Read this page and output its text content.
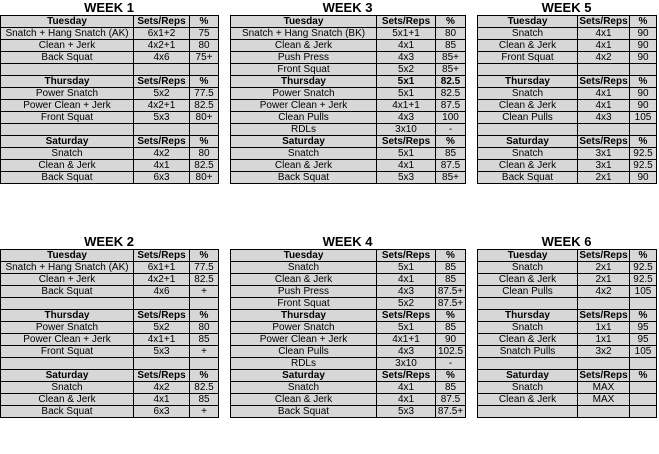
WEEK 1
Tuesday	Sets/Reps	%
Snatch + Hang Snatch (AK)	6x1+2	75
Clean + Jerk	4x2+1	80
Back Squat	4x6	75+

Thursday	Sets/Reps	%
Power Snatch	5x2	77.5
Power Clean + Jerk	4x2+1	82.5
Front Squat	5x3	80+

Saturday	Sets/Reps	%
Snatch	4x2	80
Clean & Jerk	4x1	82.5
Back Squat	6x3	80+
WEEK 3
Tuesday	Sets/Reps	%
Snatch + Hang Snatch (BK)	5x1+1	80
Clean & Jerk	4x1	85
Push Press	4x3	85+
Front Squat	5x2	85+
Thursday	5x1	82.5
Power Snatch	5x1	82.5
Power Clean + Jerk	4x1+1	87.5
Clean Pulls	4x3	100
RDLs	3x10	-
Saturday	Sets/Reps	%
Snatch	5x1	85
Clean & Jerk	4x1	87.5
Back Squat	5x3	85+
WEEK 5
Tuesday	Sets/Reps	%
Snatch	4x1	90
Clean & Jerk	4x1	90
Front Squat	4x2	90

Thursday	Sets/Reps	%
Snatch	4x1	90
Clean & Jerk	4x1	90
Clean Pulls	4x3	105

Saturday	Sets/Reps	%
Snatch	3x1	92.5
Clean & Jerk	3x1	92.5
Back Squat	2x1	90
WEEK 2
Tuesday	Sets/Reps	%
Snatch + Hang Snatch (AK)	6x1+1	77.5
Clean + Jerk	4x2+1	82.5
Back Squat	4x6	+

Thursday	Sets/Reps	%
Power Snatch	5x2	80
Power Clean + Jerk	4x1+1	85
Front Squat	5x3	+

Saturday	Sets/Reps	%
Snatch	4x2	82.5
Clean & Jerk	4x1	85
Back Squat	6x3	+
WEEK 4
Tuesday	Sets/Reps	%
Snatch	5x1	85
Clean & Jerk	4x1	85
Push Press	4x3	87.5+
Front Squat	5x2	87.5+
Thursday	Sets/Reps	%
Power Snatch	5x1	85
Power Clean + Jerk	4x1+1	90
Clean Pulls	4x3	102.5
RDLs	3x10	-
Saturday	Sets/Reps	%
Snatch	4x1	85
Clean & Jerk	4x1	87.5
Back Squat	5x3	87.5+
WEEK 6
Tuesday	Sets/Reps	%
Snatch	2x1	92.5
Clean & Jerk	2x1	92.5
Clean Pulls	4x2	105

Thursday	Sets/Reps	%
Snatch	1x1	95
Clean & Jerk	1x1	95
Snatch Pulls	3x2	105

Saturday	Sets/Reps	%
Snatch	MAX	
Clean & Jerk	MAX	
